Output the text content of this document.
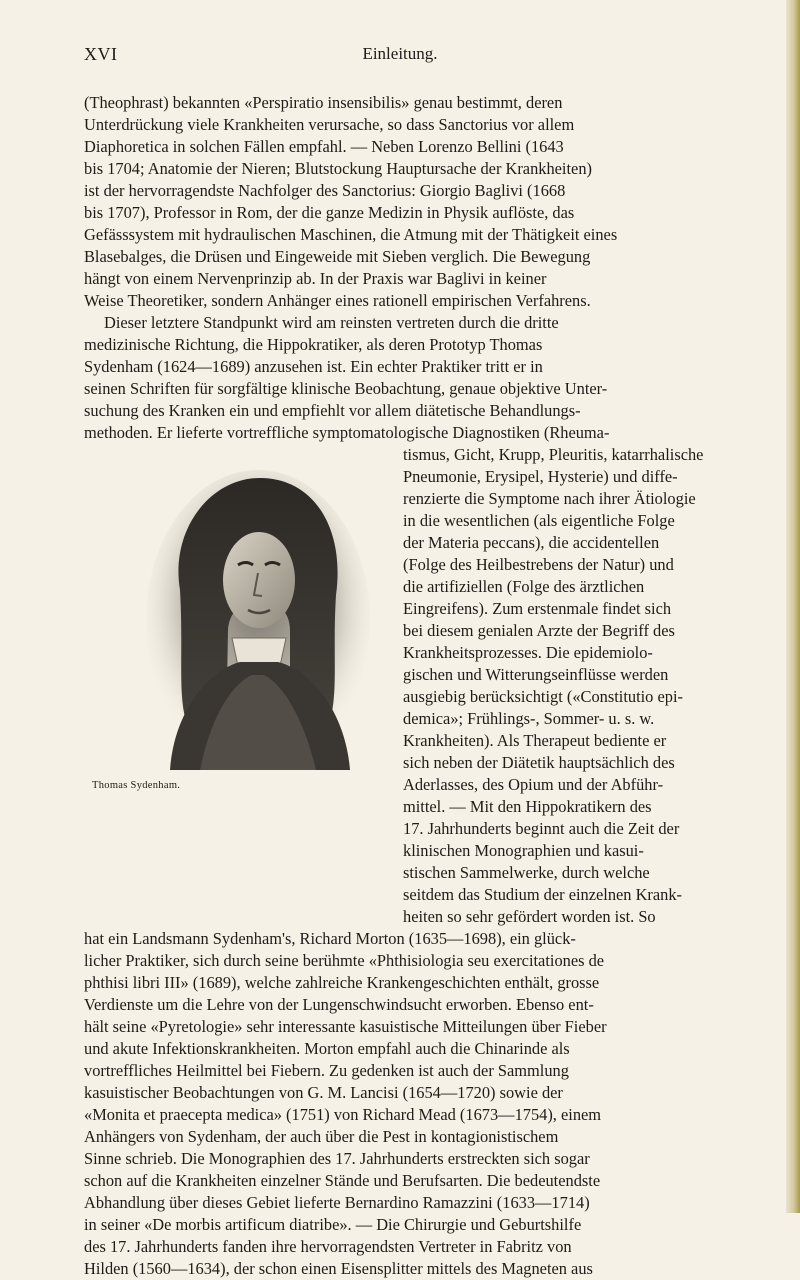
XVI	Einleitung.
(Theophrast) bekannten «Perspiratio insensibilis» genau bestimmt, deren
Unterdrückung viele Krankheiten verursache, so dass Sanctorius vor allem
Diaphoretica in solchen Fällen empfahl. — Neben Lorenzo Bellini (1643
bis 1704; Anatomie der Nieren; Blutstockung Hauptursache der Krankheiten)
ist der hervorragendste Nachfolger des Sanctorius: Giorgio Baglivi (1668
bis 1707), Professor in Rom, der die ganze Medizin in Physik auflöste, das
Gefässsystem mit hydraulischen Maschinen, die Atmung mit der Thätigkeit eines
Blasebalges, die Drüsen und Eingeweide mit Sieben verglich. Die Bewegung
hängt von einem Nervenprinzip ab. In der Praxis war Baglivi in keiner
Weise Theoretiker, sondern Anhänger eines rationell empirischen Verfahrens.
Dieser letztere Standpunkt wird am reinsten vertreten durch die dritte
medizinische Richtung, die Hippokratiker, als deren Prototyp Thomas
Sydenham (1624—1689) anzusehen ist. Ein echter Praktiker tritt er in
seinen Schriften für sorgfältige klinische Beobachtung, genaue objektive Unter-
suchung des Kranken ein und empfiehlt vor allem diätetische Behandlungs-
methoden. Er lieferte vortreffliche symptomatologische Diagnostiken (Rheuma-
tismus, Gicht, Krupp, Pleuritis, katarrhalische
Pneumonie, Erysipel, Hysterie) und diffe-
renzierte die Symptome nach ihrer Ätiologie
in die wesentlichen (als eigentliche Folge
der Materia peccans), die accidentellen
(Folge des Heilbestrebens der Natur) und
die artifiziellen (Folge des ärztlichen
Eingreifens). Zum erstenmale findet sich
bei diesem genialen Arzte der Begriff des
Krankheitsprozesses. Die epidemiolo-
gischen und Witterungseinflüsse werden
ausgiebig berücksichtigt («Constitutio epi-
demica»; Frühlings-, Sommer- u. s. w.
Krankheiten). Als Therapeut bediente er
sich neben der Diätetik hauptsächlich des
Aderlasses, des Opium und der Abführ-
mittel. — Mit den Hippokratikern des
17. Jahrhunderts beginnt auch die Zeit der
klinischen Monographien und kasui-
stischen Sammelwerke, durch welche
seitdem das Studium der einzelnen Krank-
heiten so sehr gefördert worden ist. So
hat ein Landsmann Sydenham's, Richard Morton (1635—1698), ein glück-
licher Praktiker, sich durch seine berühmte «Phthisiologia seu exercitationes de
phthisi libri III» (1689), welche zahlreiche Krankengeschichten enthält, grosse
Verdienste um die Lehre von der Lungenschwindsucht erworben. Ebenso ent-
hält seine «Pyretologie» sehr interessante kasuistische Mitteilungen über Fieber
und akute Infektionskrankheiten. Morton empfahl auch die Chinarinde als
vortreffliches Heilmittel bei Fiebern. Zu gedenken ist auch der Sammlung
kasuistischer Beobachtungen von G. M. Lancisi (1654—1720) sowie der
«Monita et praecepta medica» (1751) von Richard Mead (1673—1754), einem
Anhängers von Sydenham, der auch über die Pest in kontagionistischem
Sinne schrieb. Die Monographien des 17. Jahrhunderts erstreckten sich sogar
schon auf die Krankheiten einzelner Stände und Berufsarten. Die bedeutendste
Abhandlung über dieses Gebiet lieferte Bernardino Ramazzini (1633—1714)
in seiner «De morbis artificum diatribe». — Die Chirurgie und Geburtshilfe
des 17. Jahrhunderts fanden ihre hervorragendsten Vertreter in Fabritz von
Hilden (1560—1634), der schon einen Eisensplitter mittels des Magneten aus
Thomas Sydenham.
